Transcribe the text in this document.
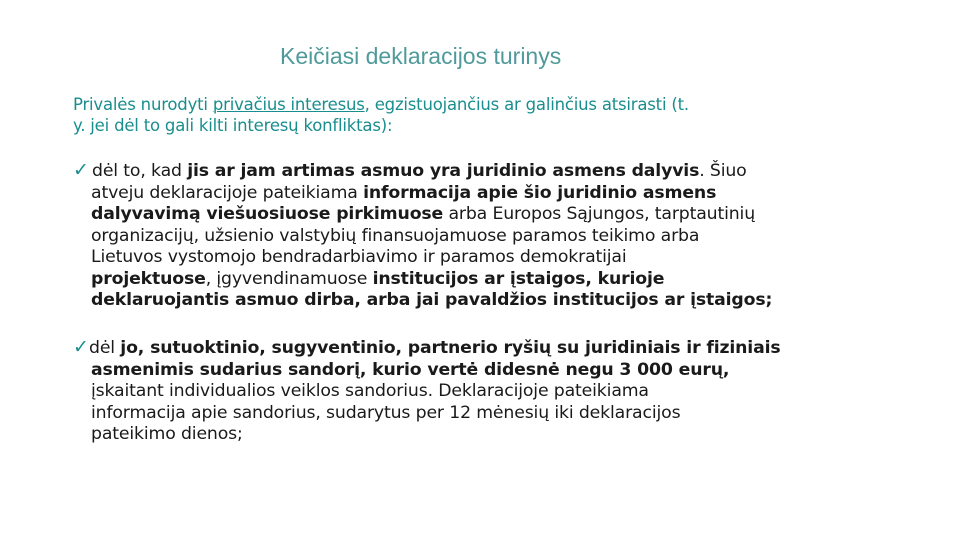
Keičiasi deklaracijos turinys
Privalės nurodyti privačius interesus, egzistuojančius ar galinčius atsirasti (t.
y. jei dėl to gali kilti interesų konfliktas):
✓ dėl to, kad jis ar jam artimas asmuo yra juridinio asmens dalyvis. Šiuo
atveju deklaracijoje pateikiama informacija apie šio juridinio asmens
dalyvavimą viešuosiuose pirkimuose arba Europos Sąjungos, tarptautinių
organizacijų, užsienio valstybių finansuojamuose paramos teikimo arba
Lietuvos vystomojo bendradarbiavimo ir paramos demokratijai
projektuose, įgyvendinamuose institucijos ar įstaigos, kurioje
deklaruojantis asmuo dirba, arba jai pavaldžios institucijos ar įstaigos;
✓dėl jo, sutuoktinio, sugyventinio, partnerio ryšių su juridiniais ir fiziniais
asmenimis sudarius sandorį, kurio vertė didesnė negu 3 000 eurų,
įskaitant individualios veiklos sandorius. Deklaracijoje pateikiama
informacija apie sandorius, sudarytus per 12 mėnesių iki deklaracijos
pateikimo dienos;
